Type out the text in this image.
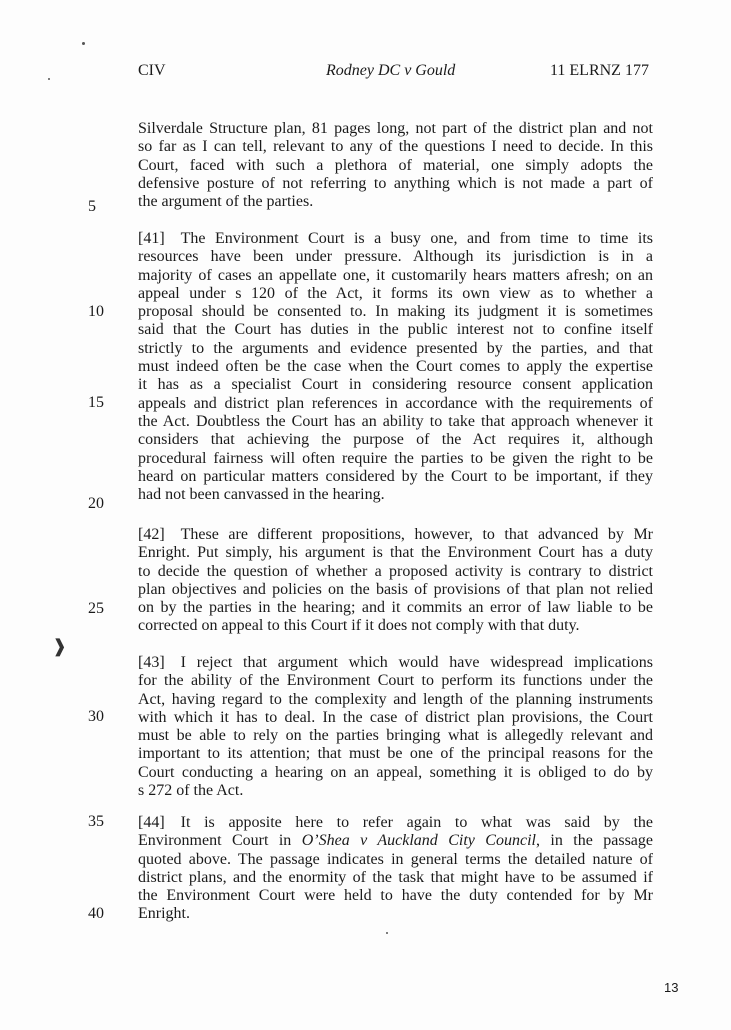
CIV	Rodney DC v Gould	11 ELRNZ 177
Silverdale Structure plan, 81 pages long, not part of the district plan and not
so far as I can tell, relevant to any of the questions I need to decide. In this
Court, faced with such a plethora of material, one simply adopts the
defensive posture of not referring to anything which is not made a part of
the argument of the parties.
[41] The Environment Court is a busy one, and from time to time its
resources have been under pressure. Although its jurisdiction is in a
majority of cases an appellate one, it customarily hears matters afresh; on an
appeal under s 120 of the Act, it forms its own view as to whether a
proposal should be consented to. In making its judgment it is sometimes
said that the Court has duties in the public interest not to confine itself
strictly to the arguments and evidence presented by the parties, and that
must indeed often be the case when the Court comes to apply the expertise
it has as a specialist Court in considering resource consent application
appeals and district plan references in accordance with the requirements of
the Act. Doubtless the Court has an ability to take that approach whenever it
considers that achieving the purpose of the Act requires it, although
procedural fairness will often require the parties to be given the right to be
heard on particular matters considered by the Court to be important, if they
had not been canvassed in the hearing.
[42] These are different propositions, however, to that advanced by Mr
Enright. Put simply, his argument is that the Environment Court has a duty
to decide the question of whether a proposed activity is contrary to district
plan objectives and policies on the basis of provisions of that plan not relied
on by the parties in the hearing; and it commits an error of law liable to be
corrected on appeal to this Court if it does not comply with that duty.
[43] I reject that argument which would have widespread implications
for the ability of the Environment Court to perform its functions under the
Act, having regard to the complexity and length of the planning instruments
with which it has to deal. In the case of district plan provisions, the Court
must be able to rely on the parties bringing what is allegedly relevant and
important to its attention; that must be one of the principal reasons for the
Court conducting a hearing on an appeal, something it is obliged to do by
s 272 of the Act.
[44] It is apposite here to refer again to what was said by the
Environment Court in O’Shea v Auckland City Council, in the passage
quoted above. The passage indicates in general terms the detailed nature of
district plans, and the enormity of the task that might have to be assumed if
the Environment Court were held to have the duty contended for by Mr
Enright.
5
10
15
20
25
30
35
40
❱
13
